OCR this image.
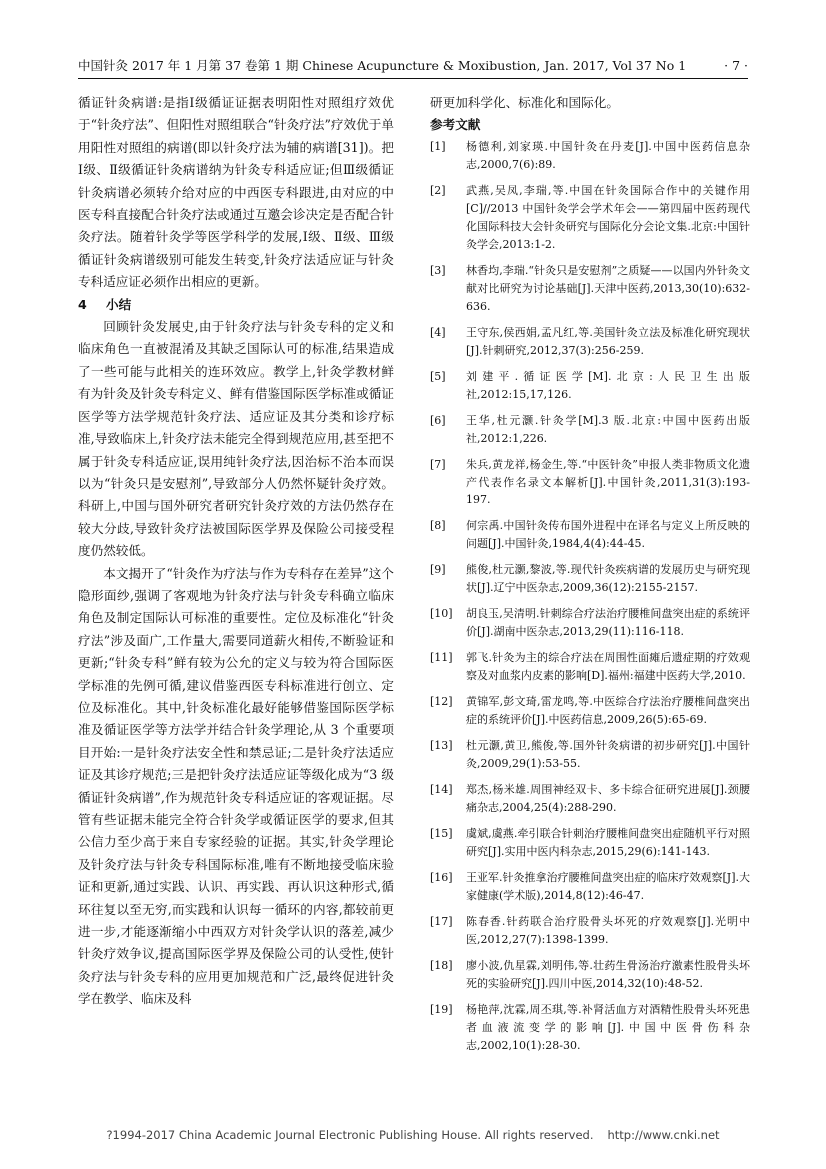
中国针灸 2017 年 1 月第 37 卷第 1 期 Chinese Acupuncture & Moxibustion, Jan. 2017, Vol 37 No 1	· 7 ·

循证针灸病谱:是指Ⅰ级循证证据表明阳性对照组疗效优于“针灸疗法”、但阳性对照组联合“针灸疗法”疗效优于单用阳性对照组的病谱(即以针灸疗法为辅的病谱[31])。把Ⅰ级、Ⅱ级循证针灸病谱纳为针灸专科适应证;但Ⅲ级循证针灸病谱必须转介给对应的中西医专科跟进,由对应的中医专科直接配合针灸疗法或通过互邀会诊决定是否配合针灸疗法。随着针灸学等医学科学的发展,Ⅰ级、Ⅱ级、Ⅲ级循证针灸病谱级别可能发生转变,针灸疗法适应证与针灸专科适应证必须作出相应的更新。

4 小结

回顾针灸发展史,由于针灸疗法与针灸专科的定义和临床角色一直被混淆及其缺乏国际认可的标准,结果造成了一些可能与此相关的连环效应。教学上,针灸学教材鲜有为针灸及针灸专科定义、鲜有借鉴国际医学标准或循证医学等方法学规范针灸疗法、适应证及其分类和诊疗标准,导致临床上,针灸疗法未能完全得到规范应用,甚至把不属于针灸专科适应证,误用纯针灸疗法,因治标不治本而误以为“针灸只是安慰剂”,导致部分人仍然怀疑针灸疗效。科研上,中国与国外研究者研究针灸疗效的方法仍然存在较大分歧,导致针灸疗法被国际医学界及保险公司接受程度仍然较低。

本文揭开了“针灸作为疗法与作为专科存在差异”这个隐形面纱,强调了客观地为针灸疗法与针灸专科确立临床角色及制定国际认可标准的重要性。定位及标准化“针灸疗法”涉及面广,工作量大,需要同道薪火相传,不断验证和更新;“针灸专科”鲜有较为公允的定义与较为符合国际医学标准的先例可循,建议借鉴西医专科标准进行创立、定位及标准化。其中,针灸标准化最好能够借鉴国际医学标准及循证医学等方法学并结合针灸学理论,从 3 个重要项目开始:一是针灸疗法安全性和禁忌证;二是针灸疗法适应证及其诊疗规范;三是把针灸疗法适应证等级化成为“3 级循证针灸病谱”,作为规范针灸专科适应证的客观证据。尽管有些证据未能完全符合针灸学或循证医学的要求,但其公信力至少高于来自专家经验的证据。其实,针灸学理论及针灸疗法与针灸专科国际标准,唯有不断地接受临床验证和更新,通过实践、认识、再实践、再认识这种形式,循环往复以至无穷,而实践和认识每一循环的内容,都较前更进一步,才能逐渐缩小中西双方对针灸学认识的落差,减少针灸疗效争议,提高国际医学界及保险公司的认受性,使针灸疗法与针灸专科的应用更加规范和广泛,最终促进针灸学在教学、临床及科

研更加科学化、标准化和国际化。

参考文献
[1]	杨德利,刘家瑛.中国针灸在丹麦[J].中国中医药信息杂志,2000,7(6):89.
[2]	武燕,吴凤,李瑞,等.中国在针灸国际合作中的关键作用[C]//2013 中国针灸学会学术年会——第四届中医药现代化国际科技大会针灸研究与国际化分会论文集.北京:中国针灸学会,2013:1-2.
[3]	林香均,李瑞.“针灸只是安慰剂”之质疑——以国内外针灸文献对比研究为讨论基础[J].天津中医药,2013,30(10):632-636.
[4]	王守东,侯西娟,孟凡红,等.美国针灸立法及标准化研究现状[J].针刺研究,2012,37(3):256-259.
[5]	刘建平.循证医学[M].北京:人民卫生出版社,2012:15,17,126.
[6]	王华,杜元灏.针灸学[M].3 版.北京:中国中医药出版社,2012:1,226.
[7]	朱兵,黄龙祥,杨金生,等.“中医针灸”申报人类非物质文化遗产代表作名录文本解析[J].中国针灸,2011,31(3):193-197.
[8]	何宗禹.中国针灸传布国外进程中在译名与定义上所反映的问题[J].中国针灸,1984,4(4):44-45.
[9]	熊俊,杜元灏,黎波,等.现代针灸疾病谱的发展历史与研究现状[J].辽宁中医杂志,2009,36(12):2155-2157.
[10]	胡良玉,吴清明.针刺综合疗法治疗腰椎间盘突出症的系统评价[J].湖南中医杂志,2013,29(11):116-118.
[11]	郭飞.针灸为主的综合疗法在周围性面瘫后遗症期的疗效观察及对血浆内皮素的影响[D].福州:福建中医药大学,2010.
[12]	黄锦军,彭文琦,雷龙鸣,等.中医综合疗法治疗腰椎间盘突出症的系统评价[J].中医药信息,2009,26(5):65-69.
[13]	杜元灏,黄卫,熊俊,等.国外针灸病谱的初步研究[J].中国针灸,2009,29(1):53-55.
[14]	郑杰,杨米雄.周围神经双卡、多卡综合征研究进展[J].颈腰痛杂志,2004,25(4):288-290.
[15]	虞斌,虞燕.牵引联合针刺治疗腰椎间盘突出症随机平行对照研究[J].实用中医内科杂志,2015,29(6):141-143.
[16]	王亚军.针灸推拿治疗腰椎间盘突出症的临床疗效观察[J].大家健康(学术版),2014,8(12):46-47.
[17]	陈春香.针药联合治疗股骨头坏死的疗效观察[J].光明中医,2012,27(7):1398-1399.
[18]	廖小波,仇星霖,刘明伟,等.壮药生骨汤治疗激素性股骨头坏死的实验研究[J].四川中医,2014,32(10):48-52.
[19]	杨艳萍,沈霖,周丕琪,等.补肾活血方对酒精性股骨头坏死患者血液流变学的影响[J].中国中医骨伤科杂志,2002,10(1):28-30.
?1994-2017 China Academic Journal Electronic Publishing House. All rights reserved. http://www.cnki.net
